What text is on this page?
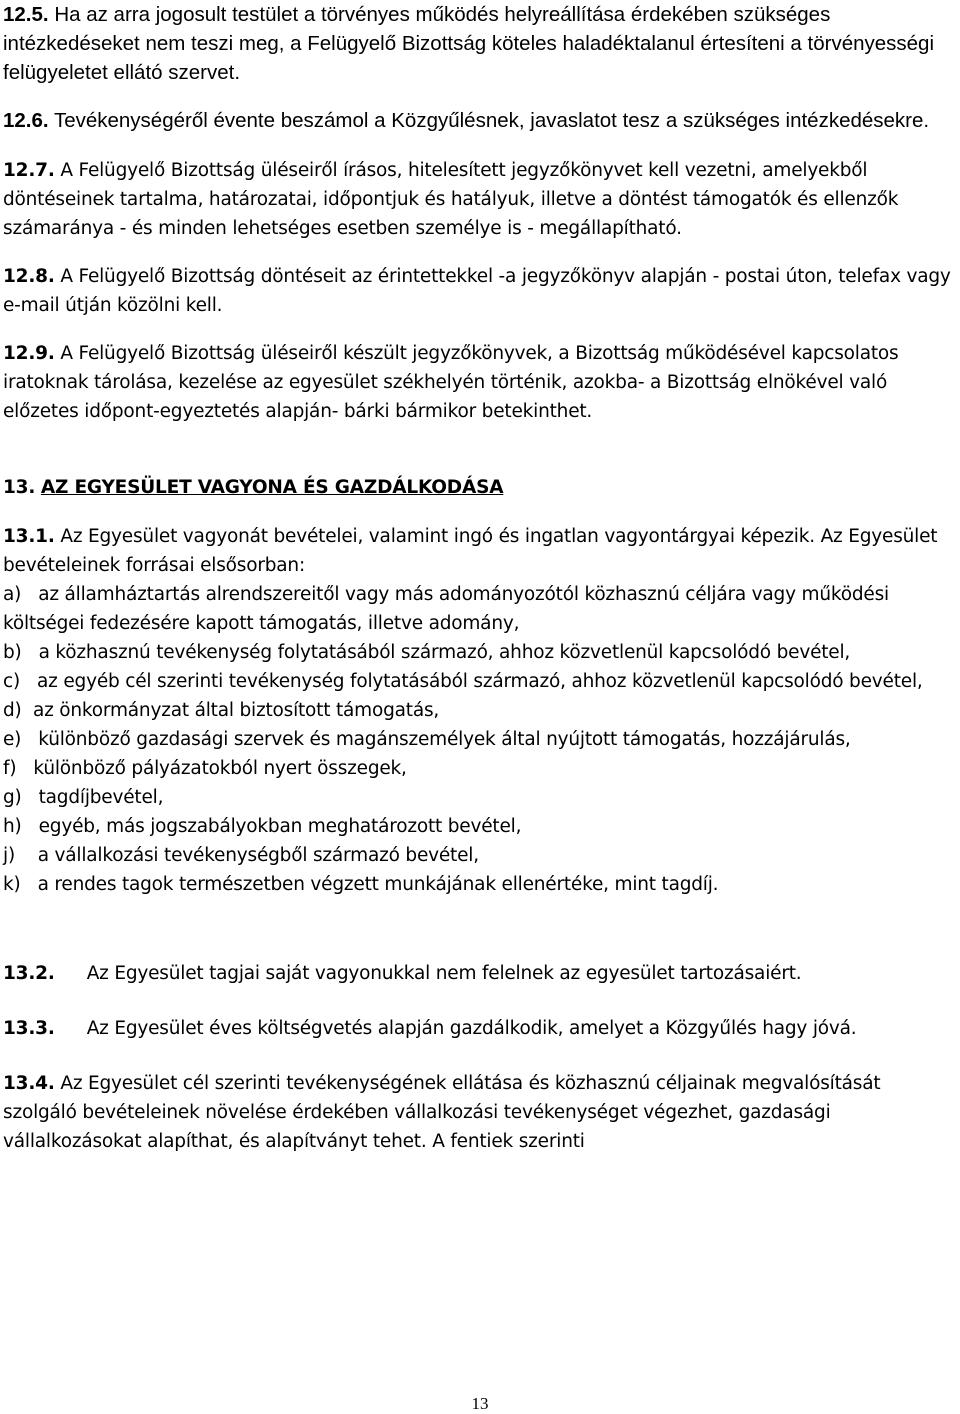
12.5. Ha az arra jogosult testület a törvényes működés helyreállítása érdekében szükséges intézkedéseket nem teszi meg, a Felügyelő Bizottság köteles haladéktalanul értesíteni a törvényességi felügyeletet ellátó szervet.

12.6. Tevékenységéről évente beszámol a Közgyűlésnek, javaslatot tesz a szükséges intézkedésekre.

12.7. A Felügyelő Bizottság üléseiről írásos, hitelesített jegyzőkönyvet kell vezetni, amelyekből döntéseinek tartalma, határozatai, időpontjuk és hatályuk, illetve a döntést támogatók és ellenzők számaránya - és minden lehetséges esetben személye is - megállapítható.

12.8. A Felügyelő Bizottság döntéseit az érintettekkel -a jegyzőkönyv alapján - postai úton, telefax vagy e-mail útján közölni kell.

12.9. A Felügyelő Bizottság üléseiről készült jegyzőkönyvek, a Bizottság működésével kapcsolatos iratoknak tárolása, kezelése az egyesület székhelyén történik, azokba- a Bizottság elnökével való előzetes időpont-egyeztetés alapján- bárki bármikor betekinthet.

13. AZ EGYESÜLET VAGYONA ÉS GAZDÁLKODÁSA

13.1. Az Egyesület vagyonát bevételei, valamint ingó és ingatlan vagyontárgyai képezik. Az Egyesület bevételeinek forrásai elsősorban:
a) az államháztartás alrendszereitől vagy más adományozótól közhasznú céljára vagy működési költségei fedezésére kapott támogatás, illetve adomány,
b) a közhasznú tevékenység folytatásából származó, ahhoz közvetlenül kapcsolódó bevétel,
c) az egyéb cél szerinti tevékenység folytatásából származó, ahhoz közvetlenül kapcsolódó bevétel,
d) az önkormányzat által biztosított támogatás,
e) különböző gazdasági szervek és magánszemélyek által nyújtott támogatás, hozzájárulás,
f) különböző pályázatokból nyert összegek,
g) tagdíjbevétel,
h) egyéb, más jogszabályokban meghatározott bevétel,
j) a vállalkozási tevékenységből származó bevétel,
k) a rendes tagok természetben végzett munkájának ellenértéke, mint tagdíj.

13.2. Az Egyesület tagjai saját vagyonukkal nem felelnek az egyesület tartozásaiért.

13.3. Az Egyesület éves költségvetés alapján gazdálkodik, amelyet a Közgyűlés hagy jóvá.

13.4. Az Egyesület cél szerinti tevékenységének ellátása és közhasznú céljainak megvalósítását szolgáló bevételeinek növelése érdekében vállalkozási tevékenységet végezhet, gazdasági vállalkozásokat alapíthat, és alapítványt tehet. A fentiek szerinti

13
